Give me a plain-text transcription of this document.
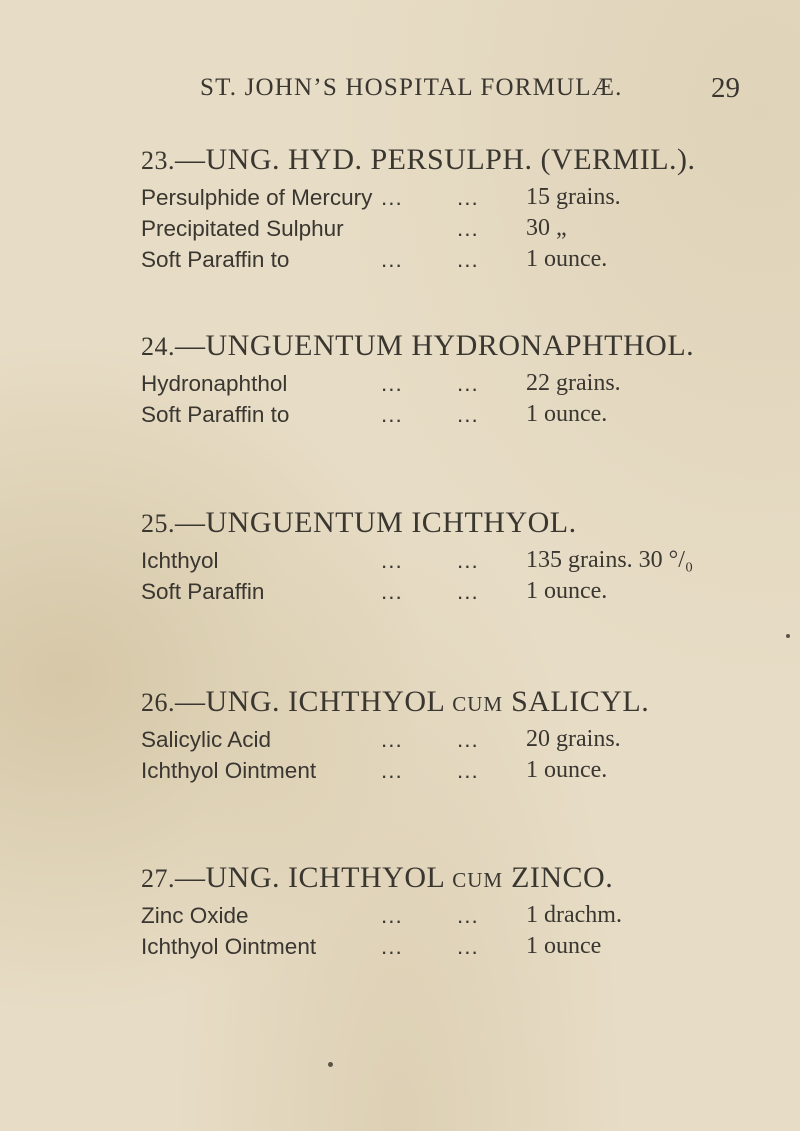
ST. JOHN’S HOSPITAL FORMULÆ.	29
23.—UNG. HYD. PERSULPH. (VERMIL.).
Persulphide of Mercury ... ... 15 grains.
Precipitated Sulphur	... 30 „
Soft Paraffin to	... ... 1 ounce.
24.—UNGUENTUM HYDRONAPHTHOL.
Hydronaphthol	... ... 22 grains.
Soft Paraffin to	... ... 1 ounce.
25.—UNGUENTUM ICHTHYOL.
Ichthyol	... ... 135 grains. 30 °/₀
Soft Paraffin	... ... 1 ounce.
26.—UNG. ICHTHYOL CUM SALICYL.
Salicylic Acid	... ... 20 grains.
Ichthyol Ointment	... ... 1 ounce.
27.—UNG. ICHTHYOL CUM ZINCO.
Zinc Oxide	... ... 1 drachm.
Ichthyol Ointment	... ... 1 ounce
